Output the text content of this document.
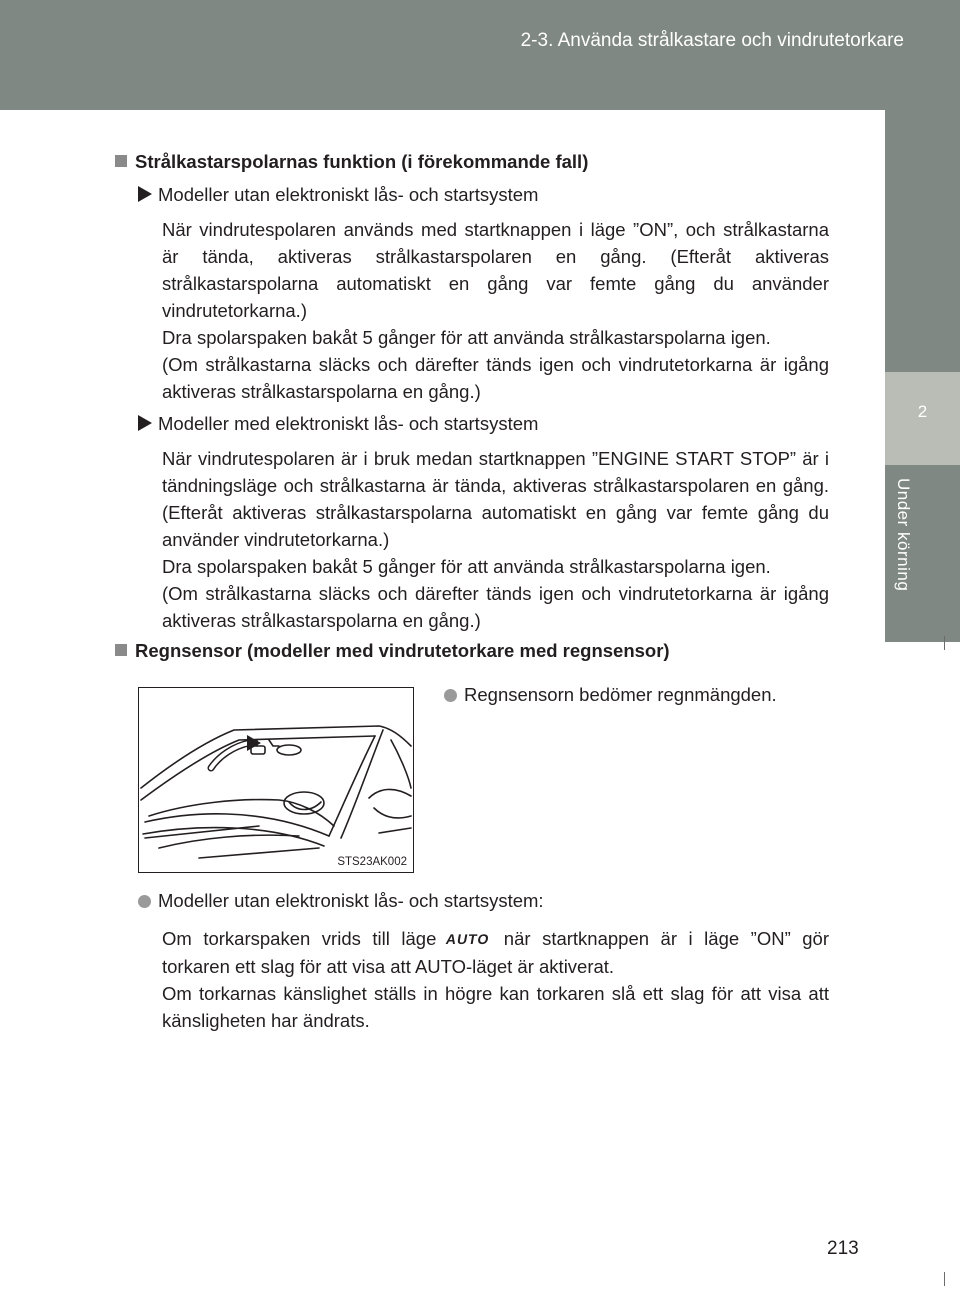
2-3. Använda strålkastare och vindrutetorkare
2
Under körning
Strålkastarspolarnas funktion (i förekommande fall)
Modeller utan elektroniskt lås- och startsystem

När vindrutespolaren används med startknappen i läge ”ON”, och strålkastarna är tända, aktiveras strålkastarspolaren en gång. (Efteråt aktiveras strålkastarspolarna automatiskt en gång var femte gång du använder vindrutetorkarna.)

Dra spolarspaken bakåt 5 gånger för att använda strålkastarspolarna igen.

(Om strålkastarna släcks och därefter tänds igen och vindrutetorkarna är igång aktiveras strålkastarspolarna en gång.)

Modeller med elektroniskt lås- och startsystem

När vindrutespolaren är i bruk medan startknappen ”ENGINE START STOP” är i tändningsläge och strålkastarna är tända, aktiveras strålkastarspolaren en gång. (Efteråt aktiveras strålkastarspolarna automatiskt en gång var femte gång du använder vindrutetorkarna.)

Dra spolarspaken bakåt 5 gånger för att använda strålkastarspolarna igen.

(Om strålkastarna släcks och därefter tänds igen och vindrutetorkarna är igång aktiveras strålkastarspolarna en gång.)

Regnsensor (modeller med vindrutetorkare med regnsensor)
STS23AK002
Regnsensorn bedömer regnmängden.
Modeller utan elektroniskt lås- och startsystem:

Om torkarspaken vrids till läge AUTO när startknappen är i läge ”ON” gör torkaren ett slag för att visa att AUTO-läget är aktiverat.

Om torkarnas känslighet ställs in högre kan torkaren slå ett slag för att visa att känsligheten har ändrats.

213
